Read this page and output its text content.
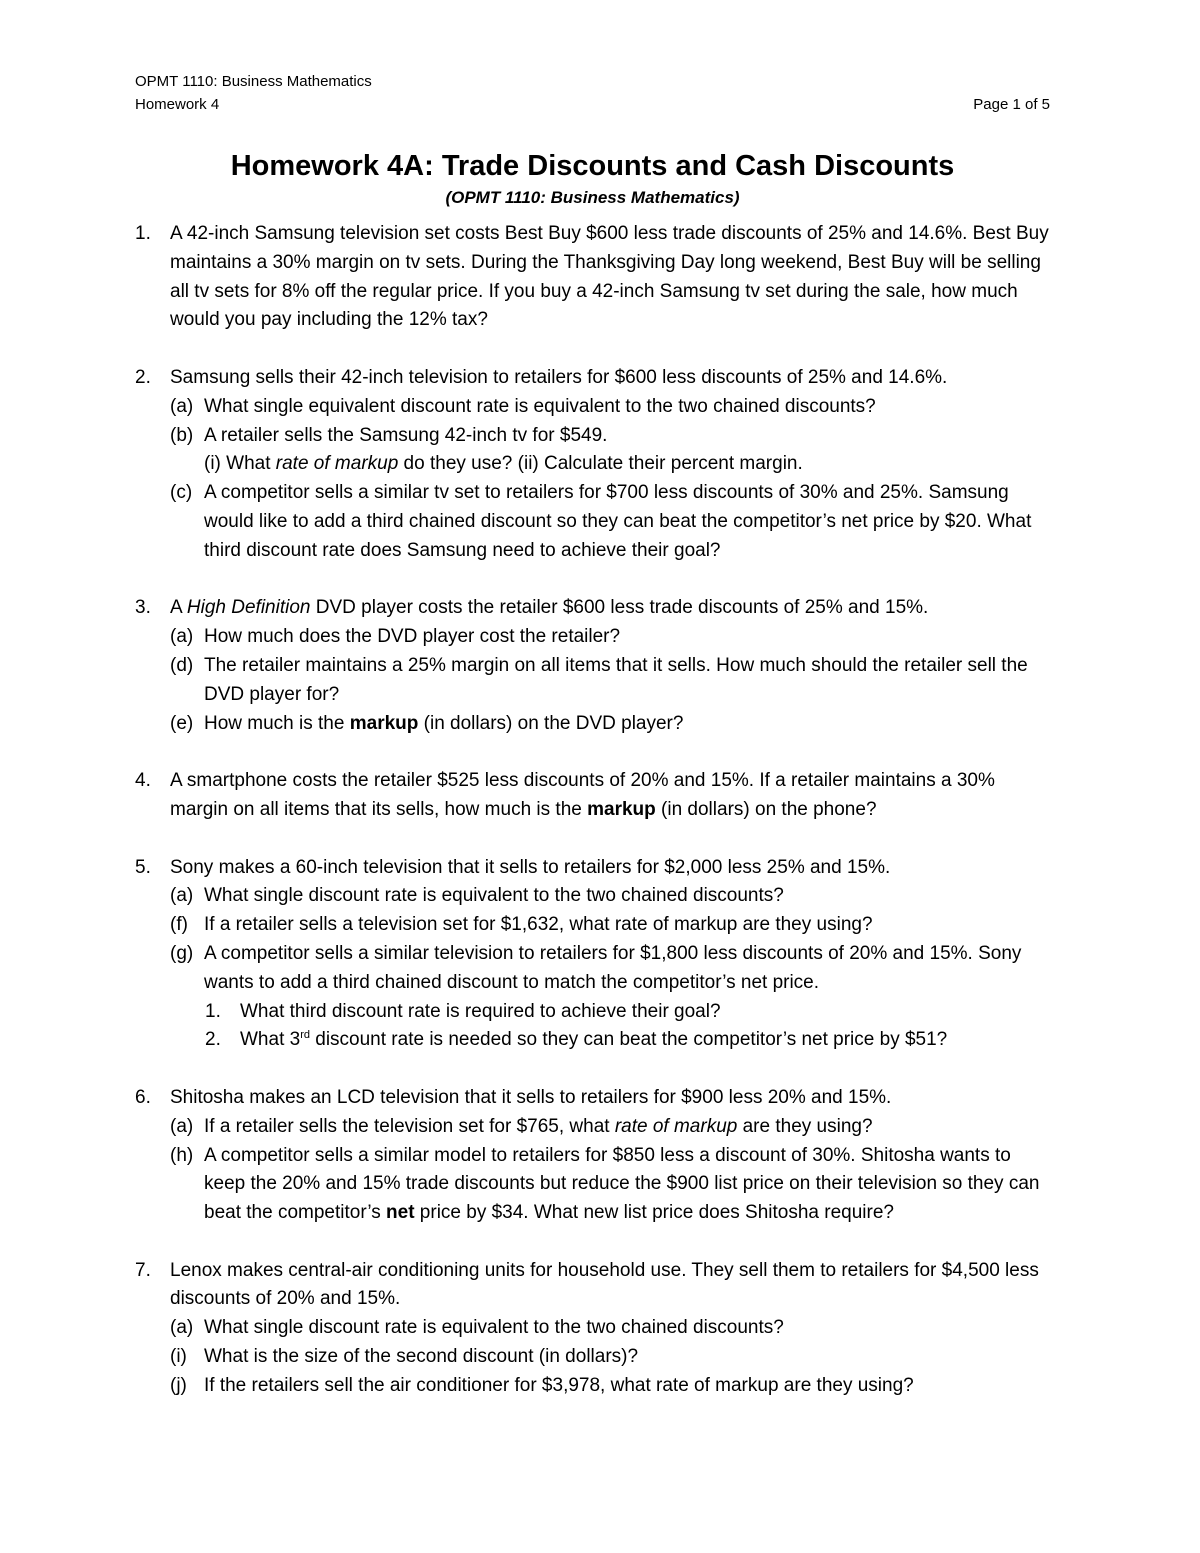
OPMT 1110: Business Mathematics
Homework 4	Page 1 of 5
Homework 4A: Trade Discounts and Cash Discounts
(OPMT 1110: Business Mathematics)
1. A 42-inch Samsung television set costs Best Buy $600 less trade discounts of 25% and 14.6%. Best Buy maintains a 30% margin on tv sets. During the Thanksgiving Day long weekend, Best Buy will be selling all tv sets for 8% off the regular price. If you buy a 42-inch Samsung tv set during the sale, how much would you pay including the 12% tax?
2. Samsung sells their 42-inch television to retailers for $600 less discounts of 25% and 14.6%.
(a) What single equivalent discount rate is equivalent to the two chained discounts?
(b) A retailer sells the Samsung 42-inch tv for $549.
(i) What rate of markup do they use? (ii) Calculate their percent margin.
(c) A competitor sells a similar tv set to retailers for $700 less discounts of 30% and 25%. Samsung would like to add a third chained discount so they can beat the competitor’s net price by $20. What third discount rate does Samsung need to achieve their goal?
3. A High Definition DVD player costs the retailer $600 less trade discounts of 25% and 15%.
(a) How much does the DVD player cost the retailer?
(d) The retailer maintains a 25% margin on all items that it sells. How much should the retailer sell the DVD player for?
(e) How much is the markup (in dollars) on the DVD player?
4. A smartphone costs the retailer $525 less discounts of 20% and 15%. If a retailer maintains a 30% margin on all items that its sells, how much is the markup (in dollars) on the phone?
5. Sony makes a 60-inch television that it sells to retailers for $2,000 less 25% and 15%.
(a) What single discount rate is equivalent to the two chained discounts?
(f) If a retailer sells a television set for $1,632, what rate of markup are they using?
(g) A competitor sells a similar television to retailers for $1,800 less discounts of 20% and 15%. Sony wants to add a third chained discount to match the competitor’s net price.
1. What third discount rate is required to achieve their goal?
2. What 3rd discount rate is needed so they can beat the competitor’s net price by $51?
6. Shitosha makes an LCD television that it sells to retailers for $900 less 20% and 15%.
(a) If a retailer sells the television set for $765, what rate of markup are they using?
(h) A competitor sells a similar model to retailers for $850 less a discount of 30%. Shitosha wants to keep the 20% and 15% trade discounts but reduce the $900 list price on their television so they can beat the competitor’s net price by $34. What new list price does Shitosha require?
7. Lenox makes central-air conditioning units for household use. They sell them to retailers for $4,500 less discounts of 20% and 15%.
(a) What single discount rate is equivalent to the two chained discounts?
(i) What is the size of the second discount (in dollars)?
(j) If the retailers sell the air conditioner for $3,978, what rate of markup are they using?
